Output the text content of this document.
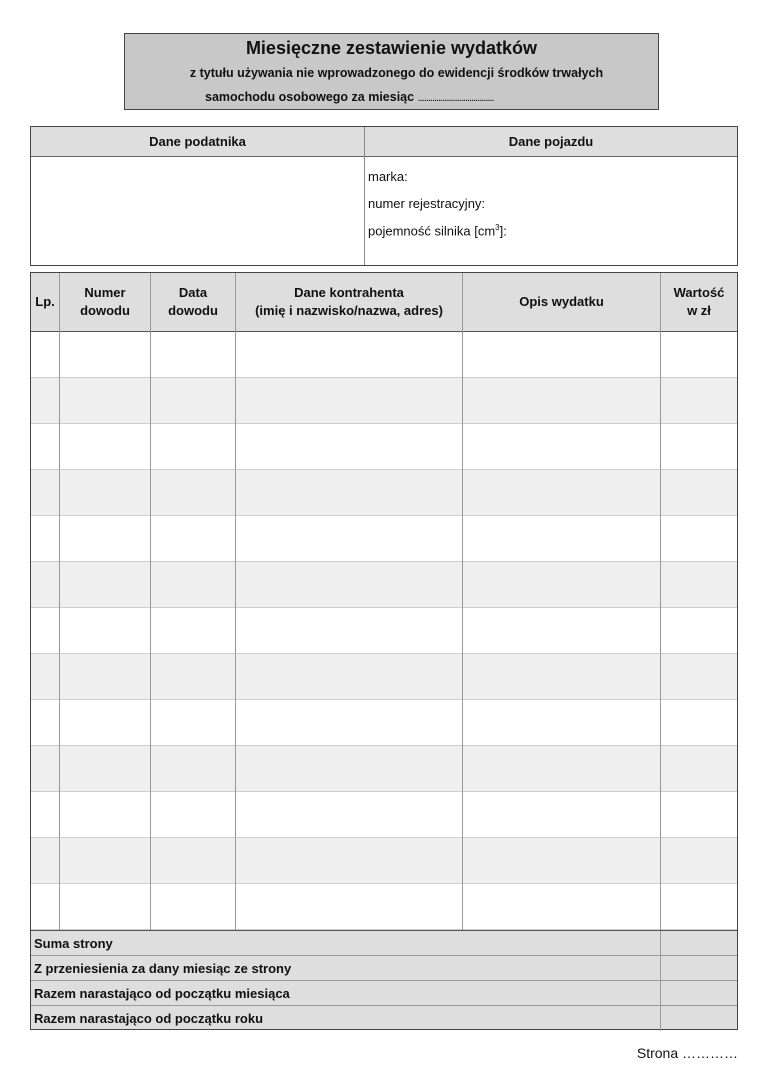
Miesięczne zestawienie wydatków
z tytułu używania nie wprowadzonego do ewidencji środków trwałych
samochodu osobowego za miesiąc .....................................
Dane podatnika	Dane pojazdu
marka:
numer rejestracyjny:
pojemność silnika $[cm^3]$:
Lp.
Numer
dowodu
Data
dowodu
Dane kontrahenta
(imię i nazwisko/nazwa, adres)
Opis wydatku
Wartość
w zł
Suma strony
Z przeniesienia za dany miesiąc ze strony
Razem narastająco od początku miesiąca
Razem narastająco od początku roku
Strona …………
